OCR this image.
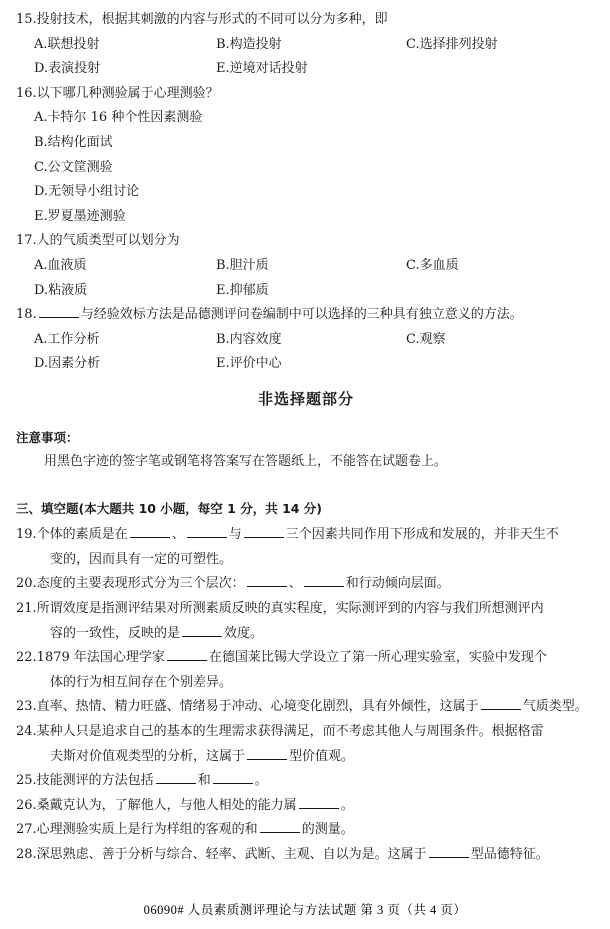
15.投射技术，根据其刺激的内容与形式的不同可以分为多种，即

A.联想投射	B.构造投射	C.选择排列投射
D.表演投射	E.逆境对话投射

16.以下哪几种测验属于心理测验？

A.卡特尔 16 种个性因素测验
B.结构化面试
C.公文筐测验
D.无领导小组讨论
E.罗夏墨迹测验

17.人的气质类型可以划分为

A.血液质	B.胆汁质	C.多血质
D.粘液质	E.抑郁质

18.	与经验效标方法是品德测评问卷编制中可以选择的三种具有独立意义的方法。

A.工作分析	B.内容效度	C.观察
D.因素分析	E.评价中心
非选择题部分

注意事项：

用黑色字迹的签字笔或钢笔将答案写在答题纸上，不能答在试题卷上。

三、填空题(本大题共 10 小题，每空 1 分，共 14 分)

19.个体的素质是在	、	与	三个因素共同作用下形成和发展的，并非天生不
变的，因而具有一定的可塑性。
20.态度的主要表现形式分为三个层次：	、	和行动倾向层面。
21.所谓效度是指测评结果对所测素质反映的真实程度，实际测评到的内容与我们所想测评内
容的一致性，反映的是	效度。
22.1879 年法国心理学家	在德国莱比锡大学设立了第一所心理实验室，实验中发现个
体的行为相互间存在个别差异。
23.直率、热情、精力旺盛、情绪易于冲动、心境变化剧烈，具有外倾性，这属于	气质类型。
24.某种人只是追求自己的基本的生理需求获得满足，而不考虑其他人与周围条件。根据格雷
夫斯对价值观类型的分析，这属于	型价值观。
25.技能测评的方法包括	和	。
26.桑戴克认为，了解他人，与他人相处的能力属	。
27.心理测验实质上是行为样组的客观的和	的测量。
28.深思熟虑、善于分析与综合、轻率、武断、主观、自以为是。这属于	型品德特征。
06090# 人员素质测评理论与方法试题 第 3 页（共 4 页）
